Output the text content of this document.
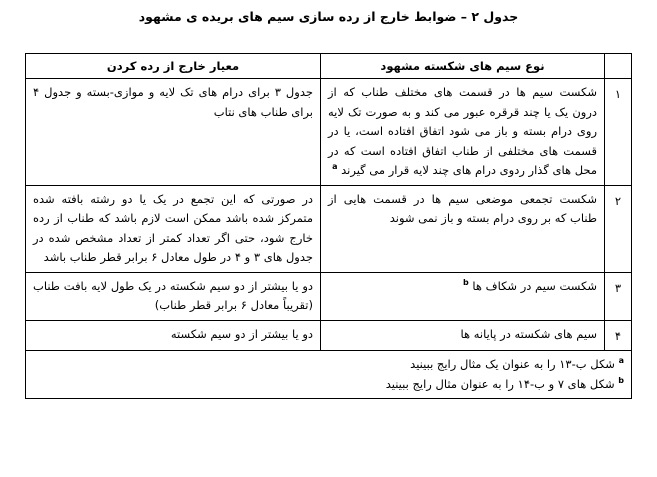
جدول ۲ – ضوابط خارج از رده سازی سیم های بریده ی مشهود
	نوع سیم های شکسته مشهود	معیار خارج از رده کردن
۱	شکست سیم ها در قسمت های مختلف طناب که از درون یک یا چند قرقره عبور می کند و به صورت تک لایه روی درام بسته و باز می شود اتفاق افتاده است، یا در قسمت های مختلفی از طناب اتفاق افتاده است که در محل های گذار ردوی درام های چند لایه قرار می گیرند $^a$	جدول ۳ برای درام های تک لایه و موازی-بسته و جدول ۴ برای طناب های نتاب
۲	شکست تجمعی موضعی سیم ها در قسمت هایی از طناب که بر روی درام بسته و باز نمی شوند	در صورتی که این تجمع در یک یا دو رشته بافته شده متمرکز شده باشد ممکن است لازم باشد که طناب از رده خارج شود، حتی اگر تعداد کمتر از تعداد مشخص شده در جدول های ۳ و ۴ در طول معادل ۶ برابر قطر طناب باشد
۳	شکست سیم در شکاف ها $^b$	دو یا بیشتر از دو سیم شکسته در یک طول لایه بافت طناب (تقریباً معادل ۶ برابر قطر طناب)
۴	سیم های شکسته در پایانه ها	دو یا بیشتر از دو سیم شکسته

$^a$ شکل ب-۱۳ را به عنوان یک مثال رایج ببینید
$^b$ شکل های ۷ و ب-۱۴ را به عنوان مثال رایج ببینید		
